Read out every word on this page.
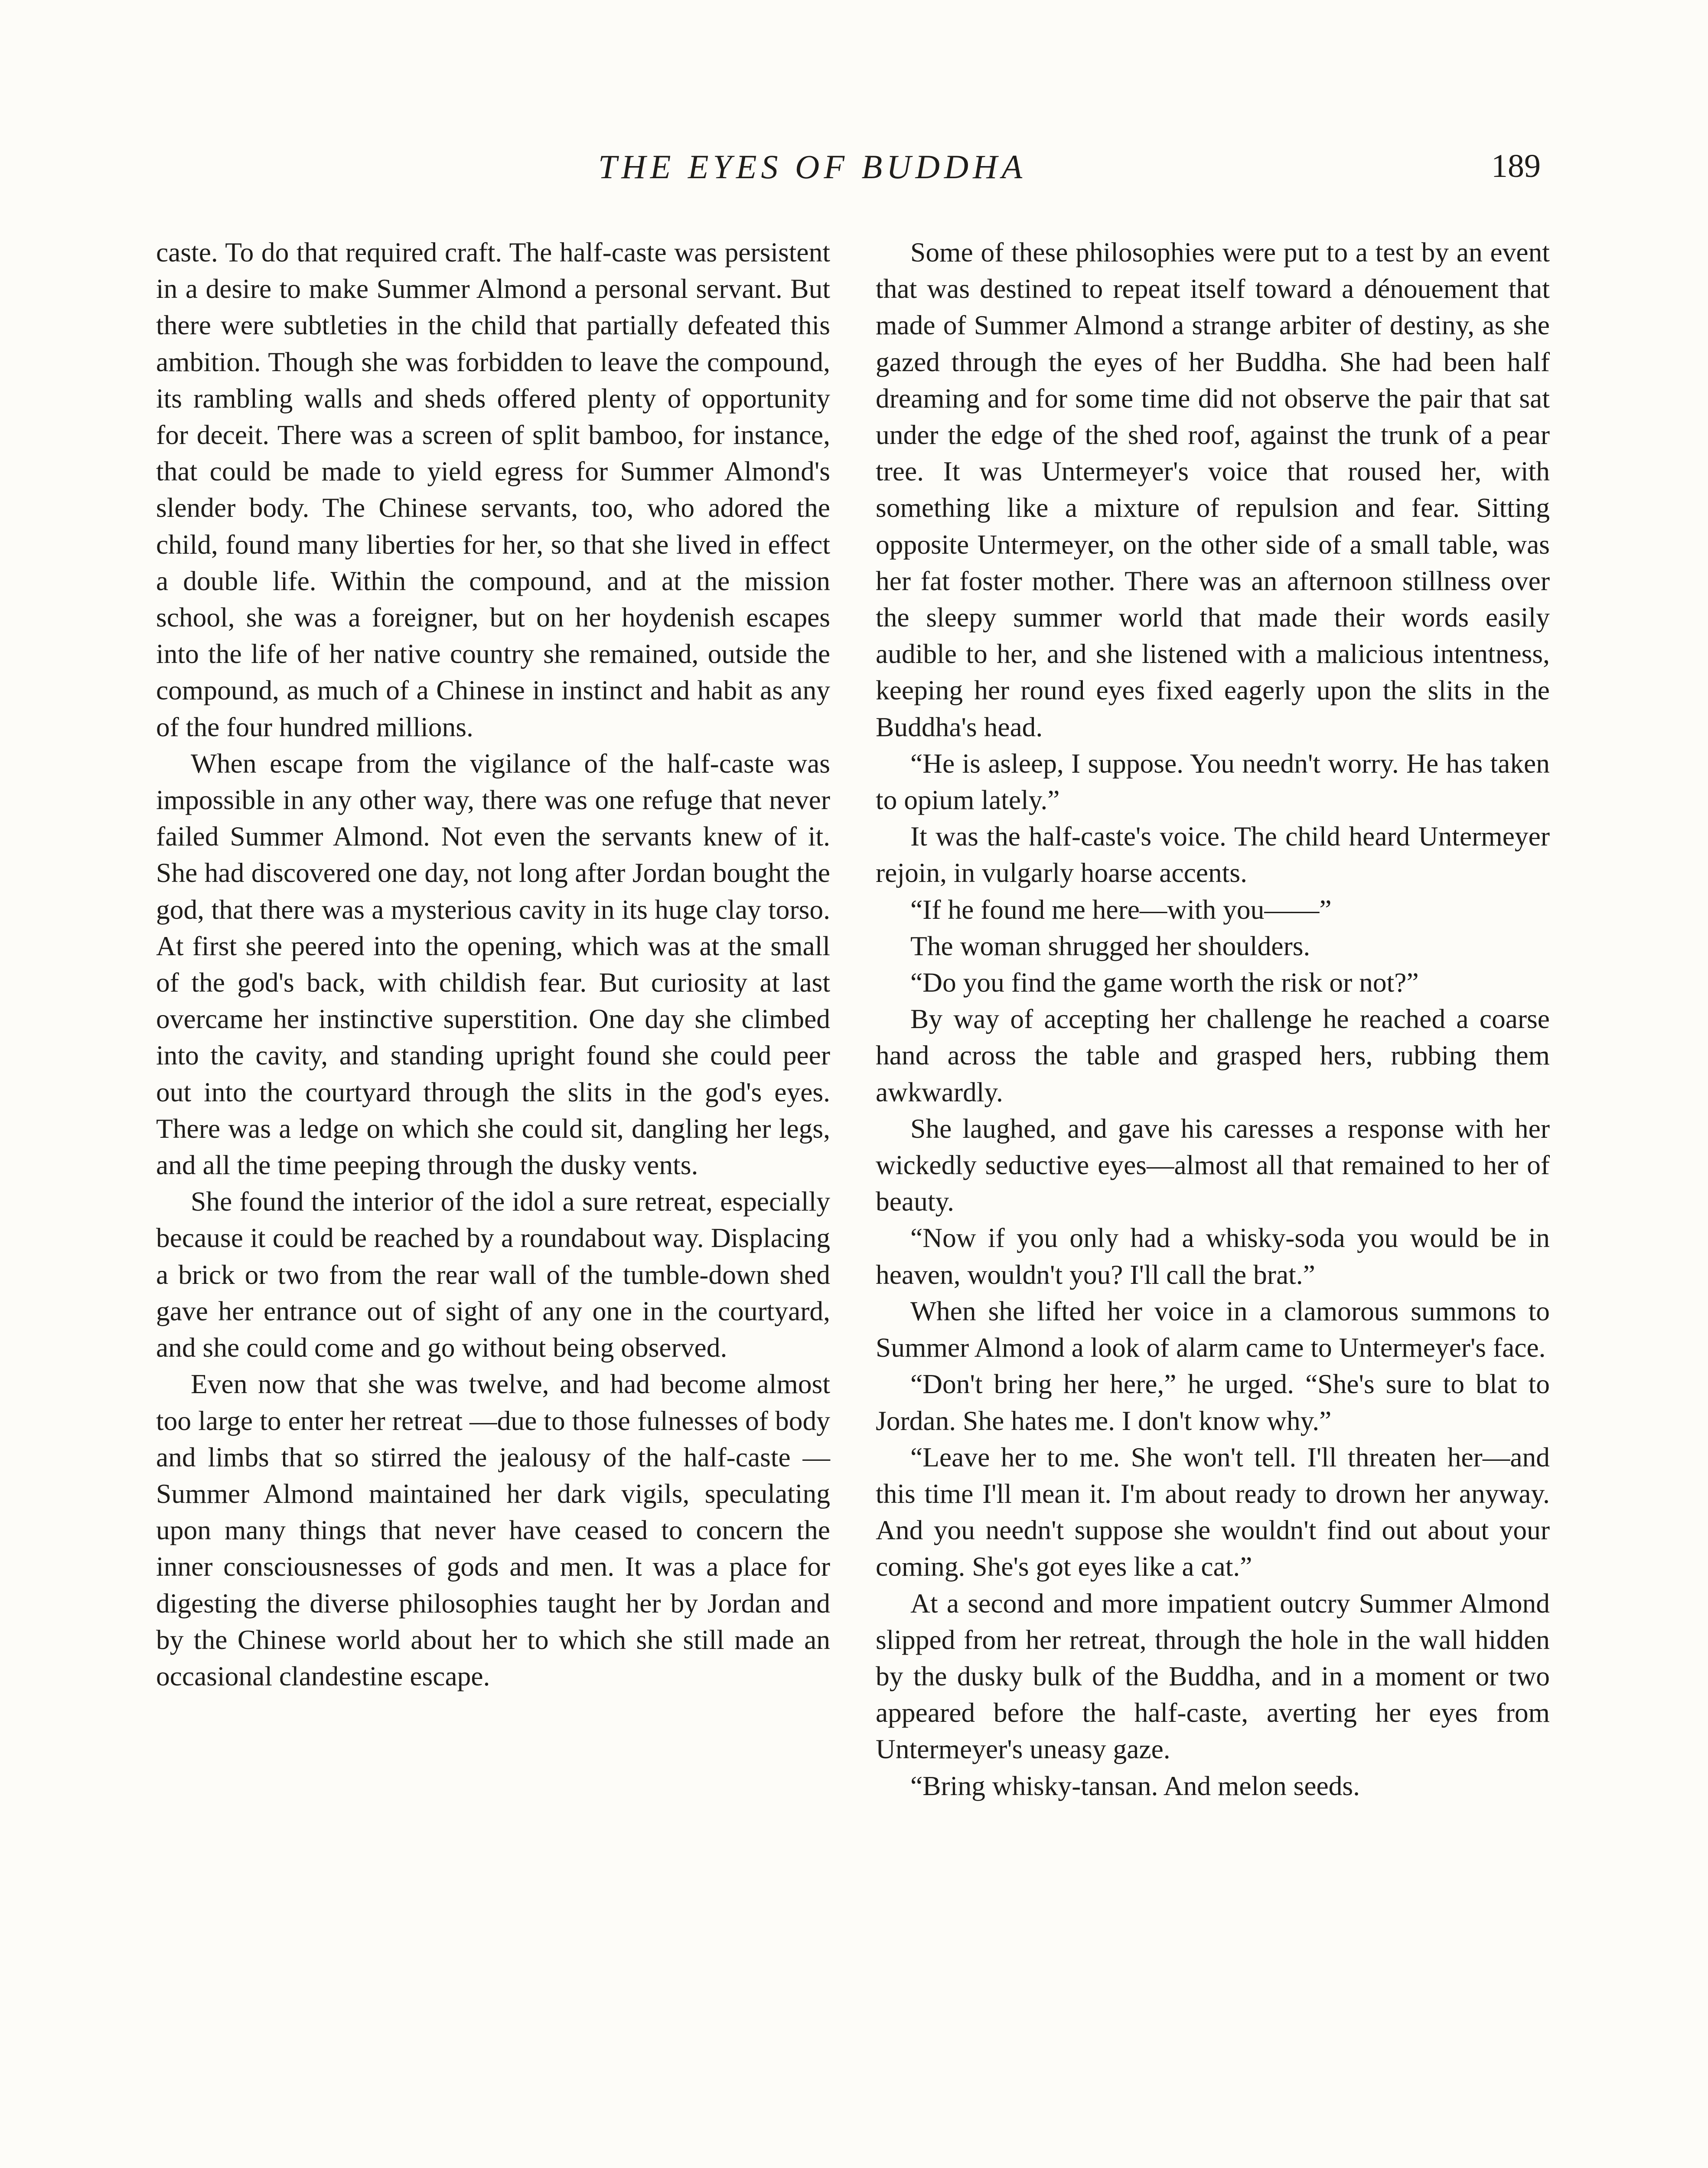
THE EYES OF BUDDHA	189

caste. To do that required craft. The half-caste was persistent in a desire to make Summer Almond a personal servant. But there were subtleties in the child that partially defeated this ambition. Though she was forbidden to leave the compound, its rambling walls and sheds offered plenty of opportunity for deceit. There was a screen of split bamboo, for instance, that could be made to yield egress for Summer Almond's slender body. The Chinese servants, too, who adored the child, found many liberties for her, so that she lived in effect a double life. Within the compound, and at the mission school, she was a foreigner, but on her hoydenish escapes into the life of her native country she remained, outside the compound, as much of a Chinese in instinct and habit as any of the four hundred millions.

When escape from the vigilance of the half-caste was impossible in any other way, there was one refuge that never failed Summer Almond. Not even the servants knew of it. She had discovered one day, not long after Jordan bought the god, that there was a mysterious cavity in its huge clay torso. At first she peered into the opening, which was at the small of the god's back, with childish fear. But curiosity at last overcame her instinctive superstition. One day she climbed into the cavity, and standing upright found she could peer out into the courtyard through the slits in the god's eyes. There was a ledge on which she could sit, dangling her legs, and all the time peeping through the dusky vents.

She found the interior of the idol a sure retreat, especially because it could be reached by a roundabout way. Displacing a brick or two from the rear wall of the tumble-down shed gave her entrance out of sight of any one in the courtyard, and she could come and go without being observed.

Even now that she was twelve, and had become almost too large to enter her retreat —due to those fulnesses of body and limbs that so stirred the jealousy of the half-caste —Summer Almond maintained her dark vigils, speculating upon many things that never have ceased to concern the inner consciousnesses of gods and men. It was a place for digesting the diverse philosophies taught her by Jordan and by the Chinese world about her to which she still made an occasional clandestine escape.

Some of these philosophies were put to a test by an event that was destined to repeat itself toward a dénouement that made of Summer Almond a strange arbiter of destiny, as she gazed through the eyes of her Buddha. She had been half dreaming and for some time did not observe the pair that sat under the edge of the shed roof, against the trunk of a pear tree. It was Untermeyer's voice that roused her, with something like a mixture of repulsion and fear. Sitting opposite Untermeyer, on the other side of a small table, was her fat foster mother. There was an afternoon stillness over the sleepy summer world that made their words easily audible to her, and she listened with a malicious intentness, keeping her round eyes fixed eagerly upon the slits in the Buddha's head.

“He is asleep, I suppose. You needn't worry. He has taken to opium lately.”

It was the half-caste's voice. The child heard Untermeyer rejoin, in vulgarly hoarse accents.

“If he found me here—with you——”

The woman shrugged her shoulders.

“Do you find the game worth the risk or not?”

By way of accepting her challenge he reached a coarse hand across the table and grasped hers, rubbing them awkwardly.

She laughed, and gave his caresses a response with her wickedly seductive eyes—almost all that remained to her of beauty.

“Now if you only had a whisky-soda you would be in heaven, wouldn't you? I'll call the brat.”

When she lifted her voice in a clamorous summons to Summer Almond a look of alarm came to Untermeyer's face.

“Don't bring her here,” he urged. “She's sure to blat to Jordan. She hates me. I don't know why.”

“Leave her to me. She won't tell. I'll threaten her—and this time I'll mean it. I'm about ready to drown her anyway. And you needn't suppose she wouldn't find out about your coming. She's got eyes like a cat.”

At a second and more impatient outcry Summer Almond slipped from her retreat, through the hole in the wall hidden by the dusky bulk of the Buddha, and in a moment or two appeared before the half-caste, averting her eyes from Untermeyer's uneasy gaze.

“Bring whisky-tansan. And melon seeds.
